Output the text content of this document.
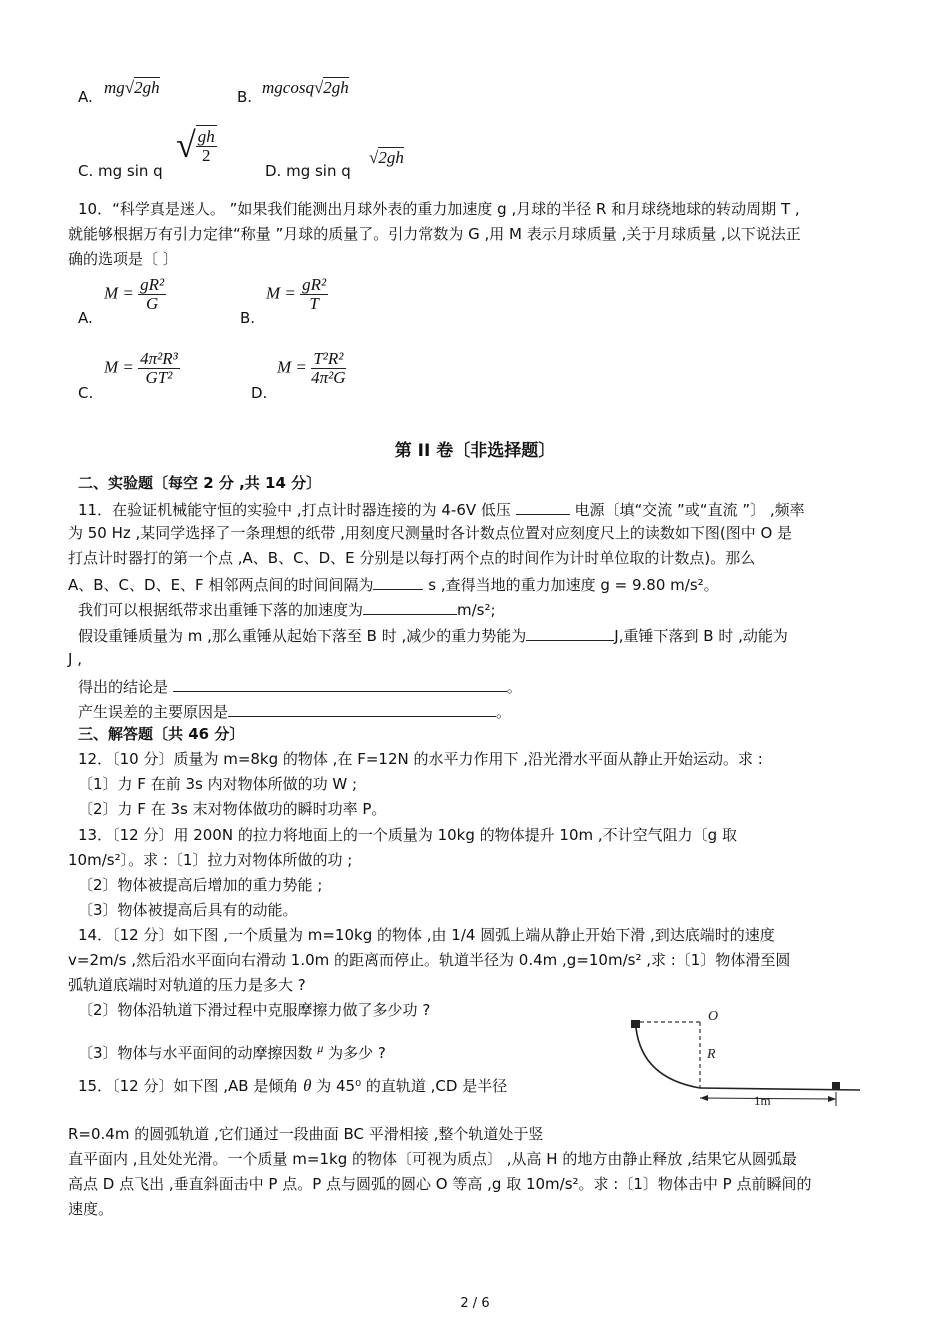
A. mg√2gh	B. mgcosq√2gh
C. mg sin q
√ $\frac{gh}{2}$
D. mg sin q
√2gh
10．“科学真是迷人。 ”如果我们能测出月球外表的重力加速度 g ,月球的半径 R 和月球绕地球的转动周期 T ,
就能够根据万有引力定律“称量 ”月球的质量了。引力常数为 G ,用 M 表示月球质量 ,关于月球质量 ,以下说法正
确的选项是〔 〕
A.
$M = \frac{\text{gR²}}{G}$
B.
$M = \frac{\text{gR²}}{T}$
C.
$M = \frac{\text{4π²R³}}{\text{GT²}}$
D.
$M = \frac{\text{T²R²}}{\text{4π²G}}$
第 II 卷〔非选择题〕
二、实验题〔每空 2 分 ,共 14 分〕
11．在验证机械能守恒的实验中 ,打点计时器连接的为 4-6V 低压	电源〔填“交流 ”或“直流 ”〕 ,频率
为 50 Hz ,某同学选择了一条理想的纸带 ,用刻度尺测量时各计数点位置对应刻度尺上的读数如下图(图中 O 是
打点计时器打的第一个点 ,A、B、C、D、E 分别是以每打两个点的时间作为计时单位取的计数点)。那么
A、B、C、D、E、F 相邻两点间的时间间隔为	s ,查得当地的重力加速度 g = 9.80 m/s²。
我们可以根据纸带求出重锤下落的加速度为	m/s²;
假设重锤质量为 m ,那么重锤从起始下落至 B 时 ,减少的重力势能为	J,重锤下落到 B 时 ,动能为
J ,
得出的结论是	。
产生误差的主要原因是	。
三、解答题〔共 46 分〕
12．〔10 分〕质量为 m=8kg 的物体 ,在 F=12N 的水平力作用下 ,沿光滑水平面从静止开始运动。求 :
〔1〕力 F 在前 3s 内对物体所做的功 W ;
〔2〕力 F 在 3s 末对物体做功的瞬时功率 P。
13．〔12 分〕用 200N 的拉力将地面上的一个质量为 10kg 的物体提升 10m ,不计空气阻力〔g 取
10m/s²〕。求 :〔1〕拉力对物体所做的功 ;
〔2〕物体被提高后增加的重力势能 ;
〔3〕物体被提高后具有的动能。
14．〔12 分〕如下图 ,一个质量为 m=10kg 的物体 ,由 1/4 圆弧上端从静止开始下滑 ,到达底端时的速度
v=2m/s ,然后沿水平面向右滑动 1.0m 的距离而停止。轨道半径为 0.4m ,g=10m/s² ,求 :〔1〕物体滑至圆
弧轨道底端时对轨道的压力是多大 ?
〔2〕物体沿轨道下滑过程中克服摩擦力做了多少功 ?
〔3〕物体与水平面间的动摩擦因数 $^\mu$ 为多少 ?
O
R
1m
15．〔12 分〕如下图 ,AB 是倾角 θ 为 45⁰ 的直轨道 ,CD 是半径
R=0.4m 的圆弧轨道 ,它们通过一段曲面 BC 平滑相接 ,整个轨道处于竖
直平面内 ,且处处光滑。一个质量 m=1kg 的物体〔可视为质点〕 ,从高 H 的地方由静止释放 ,结果它从圆弧最
高点 D 点飞出 ,垂直斜面击中 P 点。P 点与圆弧的圆心 O 等高 ,g 取 10m/s²。求 :〔1〕物体击中 P 点前瞬间的
速度。
2 / 6
